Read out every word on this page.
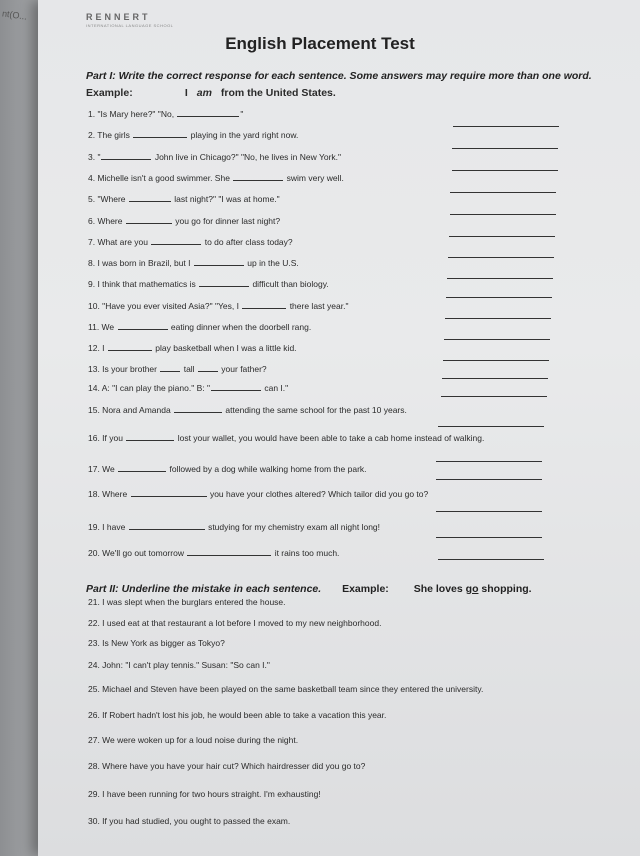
nt(O...	RENNERT
INTERNATIONAL LANGUAGE SCHOOL
English Placement Test
Part I: Write the correct response for each sentence. Some answers may require more than one word.
Example:	I am from the United States.
1. "Is Mary here?" "No,	"
2. The girls	playing in the yard right now.
3. "	John live in Chicago?" "No, he lives in New York."
4. Michelle isn't a good swimmer. She	swim very well.
5. "Where	last night?" "I was at home."
6. Where	you go for dinner last night?
7. What are you	to do after class today?
8. I was born in Brazil, but I	up in the U.S.
9. I think that mathematics is	difficult than biology.
10. "Have you ever visited Asia?" "Yes, I	there last year."
11. We	eating dinner when the doorbell rang.
12. I	play basketball when I was a little kid.
13. Is your brother	tall	your father?
14. A: "I can play the piano." B: "	can I."
15. Nora and Amanda	attending the same school for the past 10 years.
16. If you	lost your wallet, you would have been able to take a cab home instead of walking.
17. We	followed by a dog while walking home from the park.
18. Where	you have your clothes altered? Which tailor did you go to?
19. I have	studying for my chemistry exam all night long!
20. We'll go out tomorrow	it rains too much.
Part II: Underline the mistake in each sentence. Example: She loves go shopping.
21. I was slept when the burglars entered the house.
22. I used eat at that restaurant a lot before I moved to my new neighborhood.
23. Is New York as bigger as Tokyo?
24. John: "I can't play tennis." Susan: "So can I."
25. Michael and Steven have been played on the same basketball team since they entered the university.
26. If Robert hadn't lost his job, he would been able to take a vacation this year.
27. We were woken up for a loud noise during the night.
28. Where have you have your hair cut? Which hairdresser did you go to?
29. I have been running for two hours straight. I'm exhausting!
30. If you had studied, you ought to passed the exam.
